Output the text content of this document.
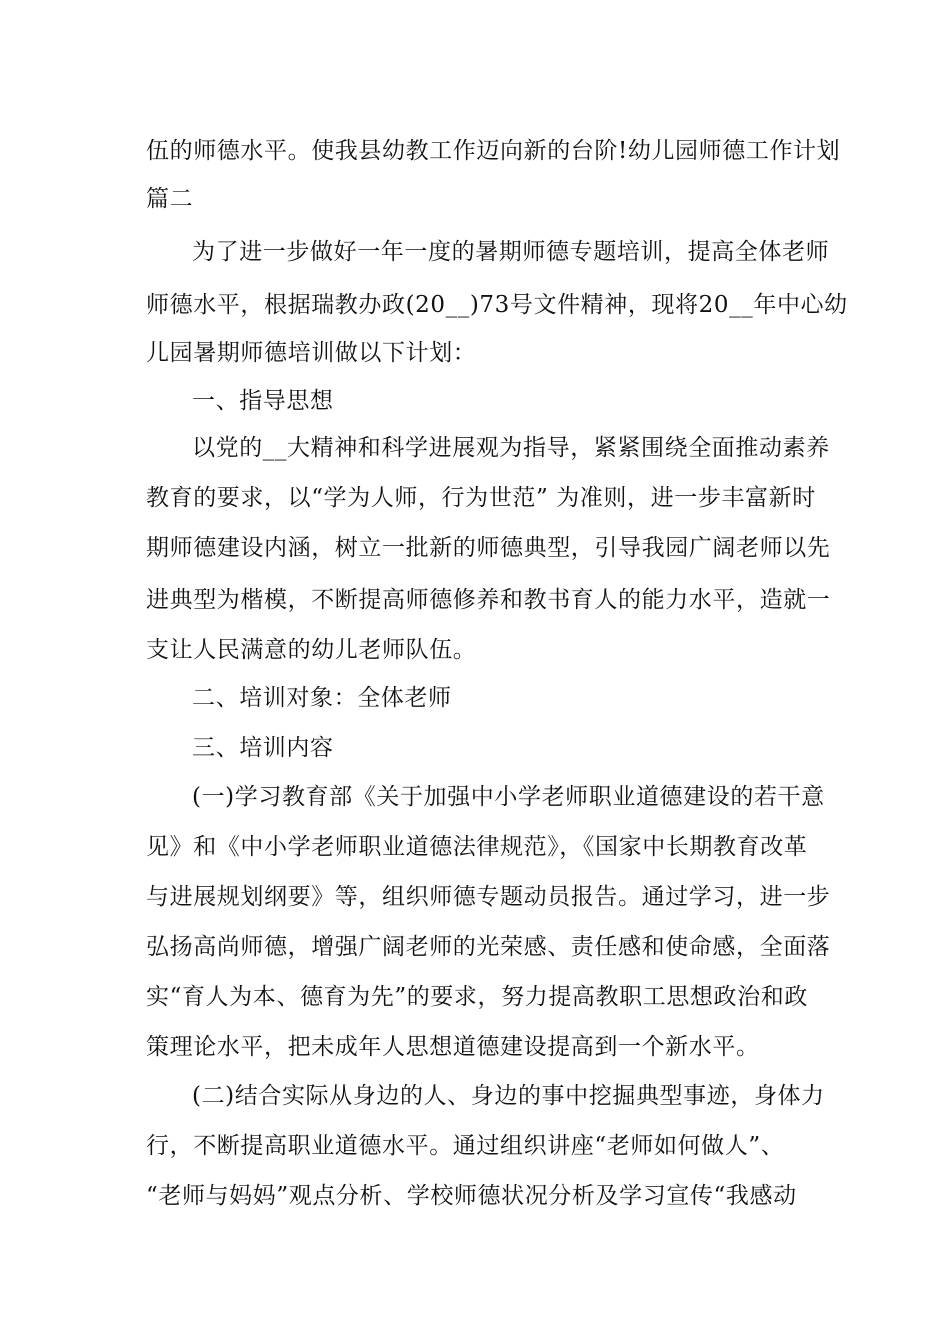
伍的师德水平。使我县幼教工作迈向新的台阶!幼儿园师德工作计划
篇二
为了进一步做好一年一度的暑期师德专题培训，提高全体老师
师德水平，根据瑞教办政(20__)73号文件精神，现将20__年中心幼
儿园暑期师德培训做以下计划：
一、指导思想
以党的__大精神和科学进展观为指导，紧紧围绕全面推动素养
教育的要求，以“学为人师，行为世范” 为准则，进一步丰富新时
期师德建设内涵，树立一批新的师德典型，引导我园广阔老师以先
进典型为楷模，不断提高师德修养和教书育人的能力水平，造就一
支让人民满意的幼儿老师队伍。
二、培训对象：全体老师
三、培训内容
(一)学习教育部《关于加强中小学老师职业道德建设的若干意
见》和《中小学老师职业道德法律规范》，《国家中长期教育改革
与进展规划纲要》等，组织师德专题动员报告。通过学习，进一步
弘扬高尚师德，增强广阔老师的光荣感、责任感和使命感，全面落
实“育人为本、德育为先”的要求，努力提高教职工思想政治和政
策理论水平，把未成年人思想道德建设提高到一个新水平。
(二)结合实际从身边的人、身边的事中挖掘典型事迹，身体力
行，不断提高职业道德水平。通过组织讲座“老师如何做人”、
“老师与妈妈”观点分析、学校师德状况分析及学习宣传“我感动
